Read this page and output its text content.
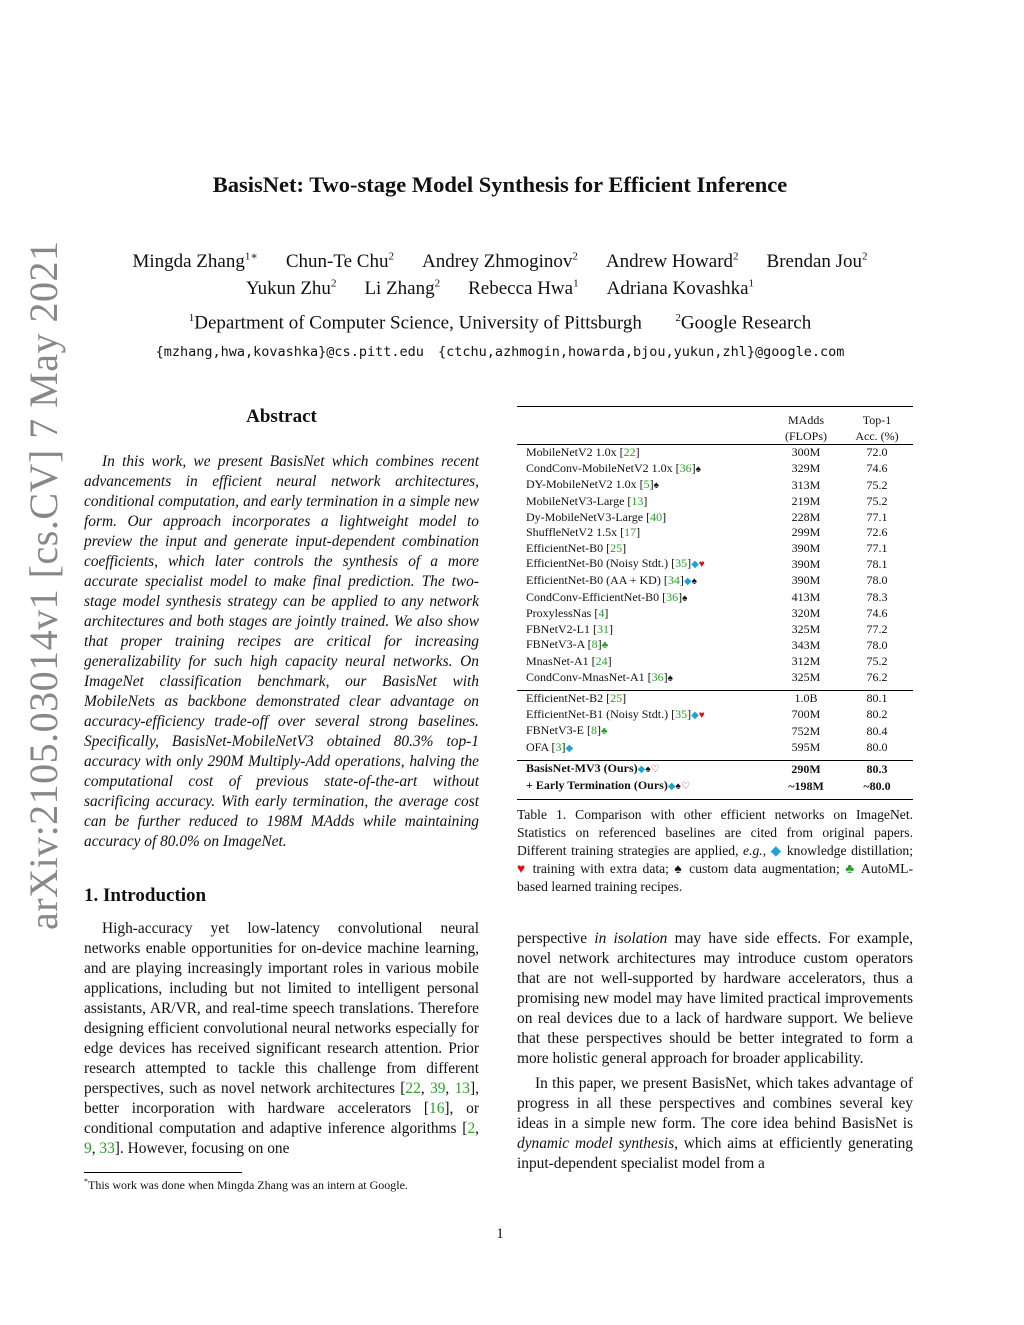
arXiv:2105.03014v1 [cs.CV] 7 May 2021
BasisNet: Two-stage Model Synthesis for Efficient Inference
Mingda Zhang$^{1∗}$ Chun-Te Chu$^2$ Andrey Zhmoginov$^2$ Andrew Howard$^2$ Brendan Jou$^2$
Yukun Zhu$^2$ Li Zhang$^2$ Rebecca Hwa$^1$ Adriana Kovashka$^1$
$^1$Department of Computer Science, University of Pittsburgh	$^2$Google Research
{mzhang,hwa,kovashka}@cs.pitt.edu {ctchu,azhmogin,howarda,bjou,yukun,zhl}@google.com
Abstract

In this work, we present BasisNet which combines recent advancements in efficient neural network architectures, conditional computation, and early termination in a simple new form. Our approach incorporates a lightweight model to preview the input and generate input-dependent combination coefficients, which later controls the synthesis of a more accurate specialist model to make final prediction. The two-stage model synthesis strategy can be applied to any network architectures and both stages are jointly trained. We also show that proper training recipes are critical for increasing generalizability for such high capacity neural networks. On ImageNet classification benchmark, our BasisNet with MobileNets as backbone demonstrated clear advantage on accuracy-efficiency trade-off over several strong baselines. Specifically, BasisNet-MobileNetV3 obtained 80.3% top-1 accuracy with only 290M Multiply-Add operations, halving the computational cost of previous state-of-the-art without sacrificing accuracy. With early termination, the average cost can be further reduced to 198M MAdds while maintaining accuracy of 80.0% on ImageNet.

1. Introduction

High-accuracy yet low-latency convolutional neural networks enable opportunities for on-device machine learning, and are playing increasingly important roles in various mobile applications, including but not limited to intelligent personal assistants, AR/VR, and real-time speech translations. Therefore designing efficient convolutional neural networks especially for edge devices has received significant research attention. Prior research attempted to tackle this challenge from different perspectives, such as novel network architectures [22, 39, 13], better incorporation with hardware accelerators [16], or conditional computation and adaptive inference algorithms [2, 9, 33]. However, focusing on one

*This work was done when Mingda Zhang was an intern at Google.
	MAdds	Top-1
	(FLOPs)	Acc. (%)
MobileNetV2 1.0x [22]	300M	72.0
CondConv-MobileNetV2 1.0x [36]♠	329M	74.6
DY-MobileNetV2 1.0x [5]♠	313M	75.2
MobileNetV3-Large [13]	219M	75.2
Dy-MobileNetV3-Large [40]	228M	77.1
ShuffleNetV2 1.5x [17]	299M	72.6
EfficientNet-B0 [25]	390M	77.1
EfficientNet-B0 (Noisy Stdt.) [35]◆♥	390M	78.1
EfficientNet-B0 (AA + KD) [34]◆♠	390M	78.0
CondConv-EfficientNet-B0 [36]♠	413M	78.3
ProxylessNas [4]	320M	74.6
FBNetV2-L1 [31]	325M	77.2
FBNetV3-A [8]♣	343M	78.0
MnasNet-A1 [24]	312M	75.2
CondConv-MnasNet-A1 [36]♠	325M	76.2
EfficientNet-B2 [25]	1.0B	80.1
EfficientNet-B1 (Noisy Stdt.) [35]◆♥	700M	80.2
FBNetV3-E [8]♣	752M	80.4
OFA [3]◆	595M	80.0
BasisNet-MV3 (Ours)◆♠♡	290M	80.3
+ Early Termination (Ours)◆♠♡	~198M	~80.0
Table 1. Comparison with other efficient networks on ImageNet. Statistics on referenced baselines are cited from original papers. Different training strategies are applied, e.g., ◆ knowledge distillation; ♥ training with extra data; ♠ custom data augmentation; ♣ AutoML-based learned training recipes.

perspective in isolation may have side effects. For example, novel network architectures may introduce custom operators that are not well-supported by hardware accelerators, thus a promising new model may have limited practical improvements on real devices due to a lack of hardware support. We believe that these perspectives should be better integrated to form a more holistic general approach for broader applicability.

In this paper, we present BasisNet, which takes advantage of progress in all these perspectives and combines several key ideas in a simple new form. The core idea behind BasisNet is dynamic model synthesis, which aims at efficiently generating input-dependent specialist model from a

1
